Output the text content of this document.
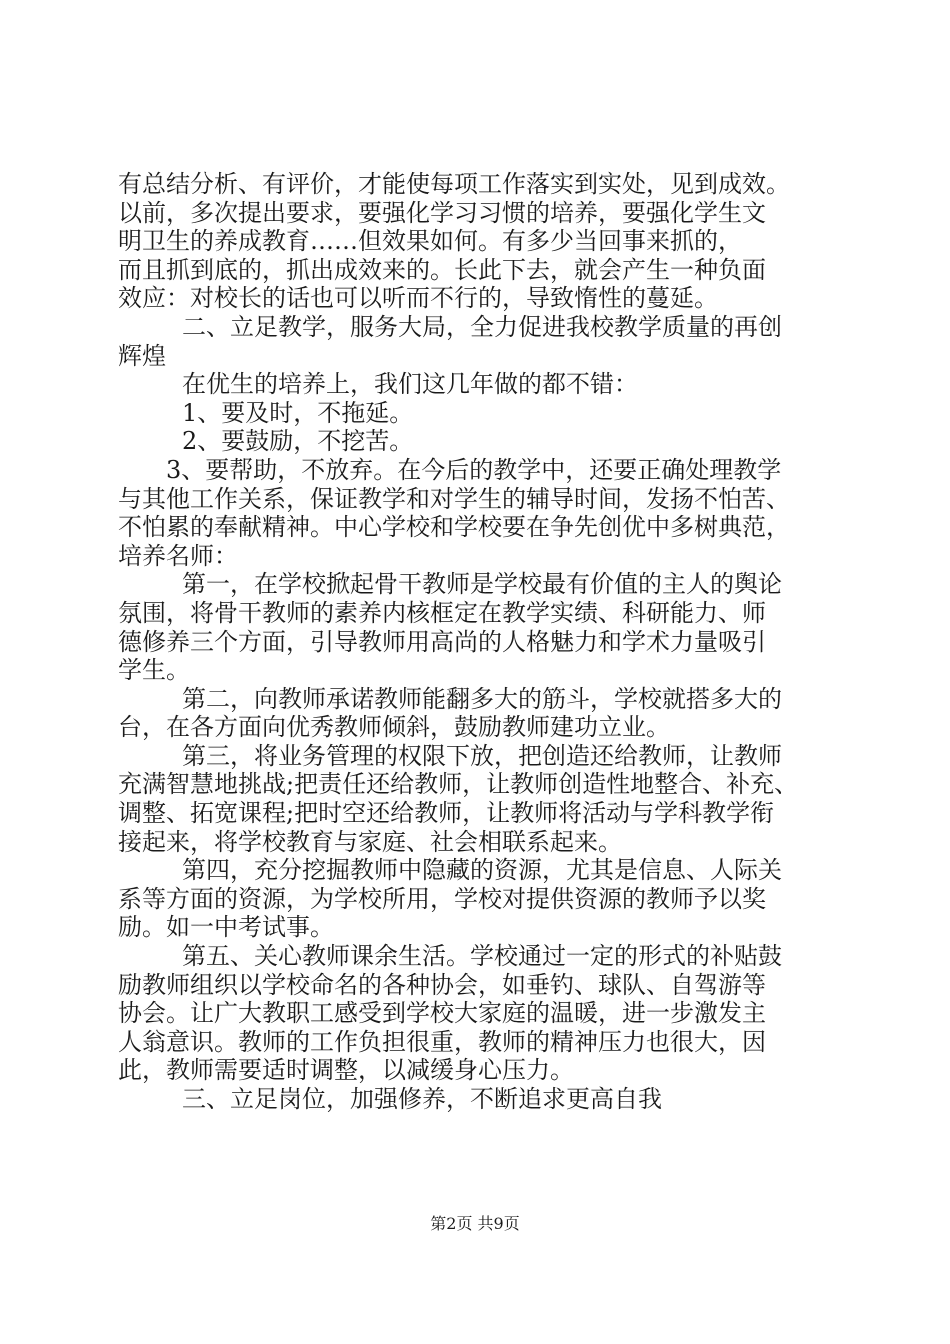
有总结分析、有评价，才能使每项工作落实到实处，见到成效。
以前，多次提出要求，要强化学习习惯的培养，要强化学生文
明卫生的养成教育……但效果如何。有多少当回事来抓的，
而且抓到底的，抓出成效来的。长此下去，就会产生一种负面
效应：对校长的话也可以听而不行的，导致惰性的蔓延。
二、立足教学，服务大局，全力促进我校教学质量的再创
辉煌
在优生的培养上，我们这几年做的都不错：
1、要及时，不拖延。
2、要鼓励，不挖苦。
3、要帮助，不放弃。在今后的教学中，还要正确处理教学
与其他工作关系，保证教学和对学生的辅导时间，发扬不怕苦、
不怕累的奉献精神。中心学校和学校要在争先创优中多树典范，
培养名师：
第一，在学校掀起骨干教师是学校最有价值的主人的舆论
氛围，将骨干教师的素养内核框定在教学实绩、科研能力、师
德修养三个方面，引导教师用高尚的人格魅力和学术力量吸引
学生。
第二，向教师承诺教师能翻多大的筋斗，学校就搭多大的
台，在各方面向优秀教师倾斜，鼓励教师建功立业。
第三，将业务管理的权限下放，把创造还给教师，让教师
充满智慧地挑战;把责任还给教师，让教师创造性地整合、补充、
调整、拓宽课程;把时空还给教师，让教师将活动与学科教学衔
接起来，将学校教育与家庭、社会相联系起来。
第四，充分挖掘教师中隐藏的资源，尤其是信息、人际关
系等方面的资源，为学校所用，学校对提供资源的教师予以奖
励。如一中考试事。
第五、关心教师课余生活。学校通过一定的形式的补贴鼓
励教师组织以学校命名的各种协会，如垂钓、球队、自驾游等
协会。让广大教职工感受到学校大家庭的温暖，进一步激发主
人翁意识。教师的工作负担很重，教师的精神压力也很大，因
此，教师需要适时调整，以减缓身心压力。
三、立足岗位，加强修养，不断追求更高自我
第2页 共9页
